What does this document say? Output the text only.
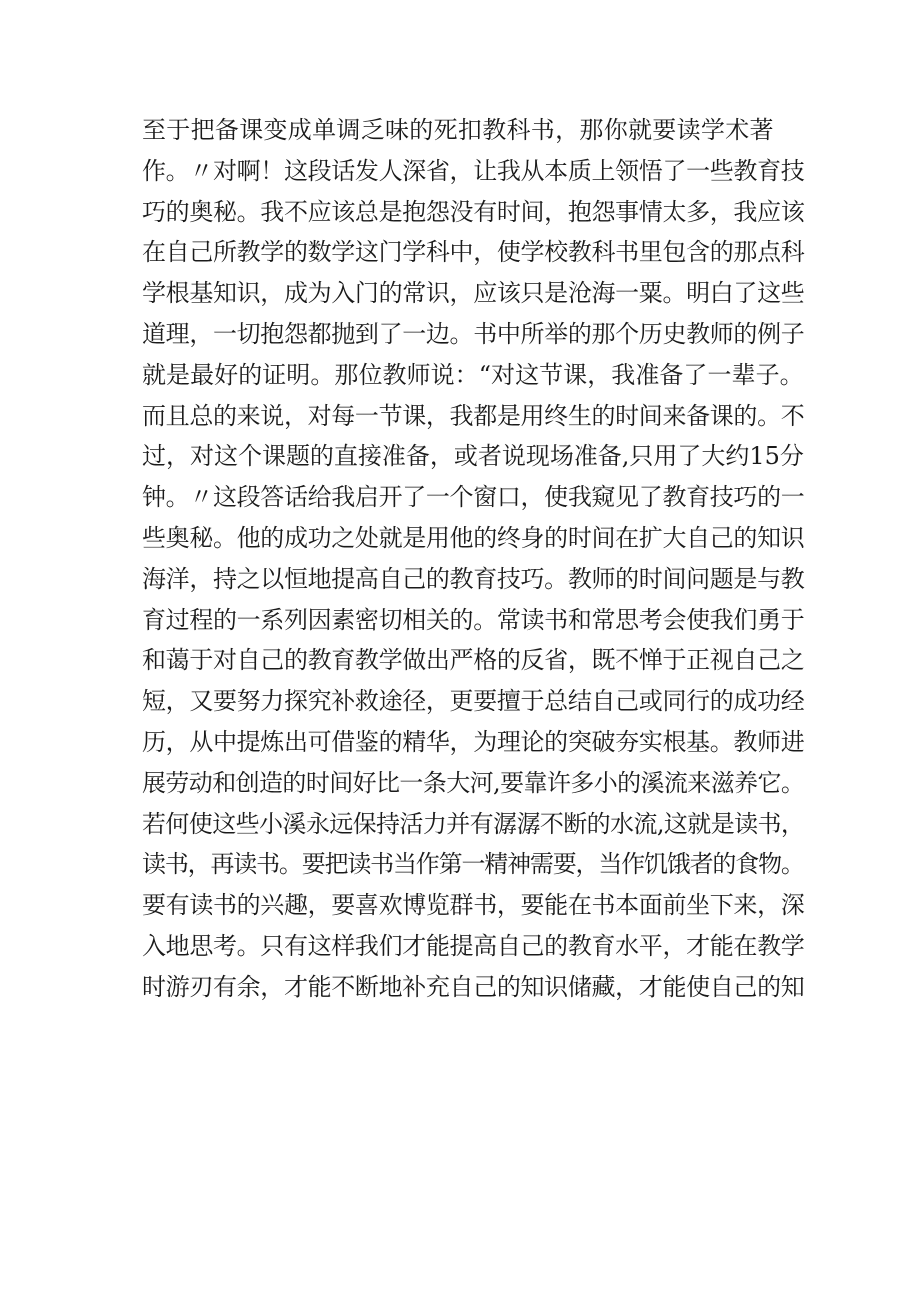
至于把备课变成单调乏味的死扣教科书，那你就要读学术著
作。〃对啊！这段话发人深省，让我从本质上领悟了一些教育技
巧的奥秘。我不应该总是抱怨没有时间，抱怨事情太多，我应该
在自己所教学的数学这门学科中，使学校教科书里包含的那点科
学根基知识，成为入门的常识，应该只是沧海一粟。明白了这些
道理，一切抱怨都抛到了一边。书中所举的那个历史教师的例子
就是最好的证明。那位教师说：“对这节课，我准备了一辈子。
而且总的来说，对每一节课，我都是用终生的时间来备课的。不
过，对这个课题的直接准备，或者说现场准备,只用了大约15分
钟。〃这段答话给我启开了一个窗口，使我窥见了教育技巧的一
些奥秘。他的成功之处就是用他的终身的时间在扩大自己的知识
海洋，持之以恒地提高自己的教育技巧。教师的时间问题是与教
育过程的一系列因素密切相关的。常读书和常思考会使我们勇于
和蔼于对自己的教育教学做出严格的反省，既不惮于正视自己之
短，又要努力探究补救途径，更要擅于总结自己或同行的成功经
历，从中提炼出可借鉴的精华，为理论的突破夯实根基。教师进
展劳动和创造的时间好比一条大河,要靠许多小的溪流来滋养它。
若何使这些小溪永远保持活力并有潺潺不断的水流,这就是读书，
读书，再读书。要把读书当作第一精神需要，当作饥饿者的食物。
要有读书的兴趣，要喜欢博览群书，要能在书本面前坐下来，深
入地思考。只有这样我们才能提高自己的教育水平，才能在教学
时游刃有余，才能不断地补充自己的知识储藏，才能使自己的知
